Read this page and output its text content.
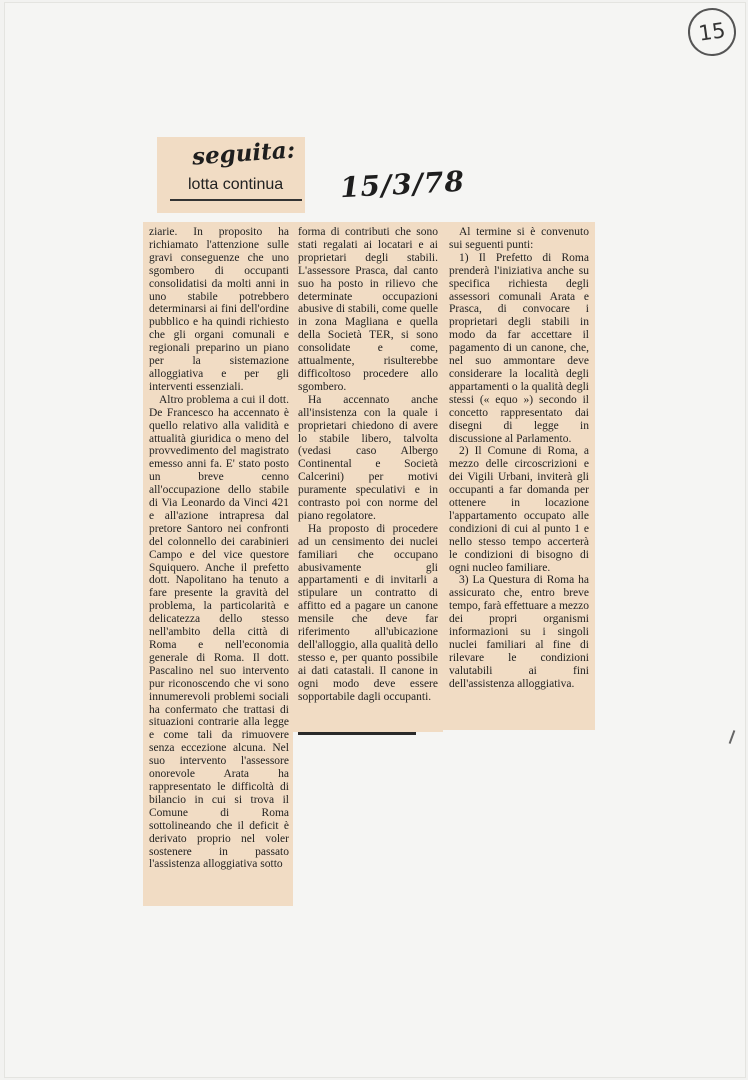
15
seguita:
lotta continua 15/3/78

ziarie. In proposito ha richiamato l'attenzione sulle gravi conseguenze che uno sgombero di occupanti consolidatisi da molti anni in uno stabile potrebbero determinarsi ai fini dell'ordine pubblico e ha quindi richiesto che gli organi comunali e regionali preparino un piano per la sistemazione alloggiativa e per gli interventi essenziali.

Altro problema a cui il dott. De Francesco ha accennato è quello relativo alla validità e attualità giuridica o meno del provvedimento del magistrato emesso anni fa. E' stato posto un breve cenno all'occupazione dello stabile di Via Leonardo da Vinci 421 e all'azione intrapresa dal pretore Santoro nei confronti del colonnello dei carabinieri Campo e del vice questore Squiquero. Anche il prefetto dott. Napolitano ha tenuto a fare presente la gravità del problema, la particolarità e delicatezza dello stesso nell'ambito della città di Roma e nell'economia generale di Roma. Il dott. Pascalino nel suo intervento pur riconoscendo che vi sono innumerevoli problemi sociali ha confermato che trattasi di situazioni contrarie alla legge e come tali da rimuovere senza eccezione alcuna. Nel suo intervento l'assessore onorevole Arata ha rappresentato le difficoltà di bilancio in cui si trova il Comune di Roma sottolineando che il deficit è derivato proprio nel voler sostenere in passato l'assistenza alloggiativa sotto

forma di contributi che sono stati regalati ai locatari e ai proprietari degli stabili. L'assessore Prasca, dal canto suo ha posto in rilievo che determinate occupazioni abusive di stabili, come quelle in zona Magliana e quella della Società TER, si sono consolidate e come, attualmente, risulterebbe difficoltoso procedere allo sgombero.

Ha accennato anche all'insistenza con la quale i proprietari chiedono di avere lo stabile libero, talvolta (vedasi caso Albergo Continental e Società Calcerini) per motivi puramente speculativi e in contrasto poi con norme del piano regolatore.

Ha proposto di procedere ad un censimento dei nuclei familiari che occupano abusivamente gli appartamenti e di invitarli a stipulare un contratto di affitto ed a pagare un canone mensile che deve far riferimento all'ubicazione dell'alloggio, alla qualità dello stesso e, per quanto possibile ai dati catastali. Il canone in ogni modo deve essere sopportabile dagli occupanti.

Al termine si è convenuto sui seguenti punti:

1) Il Prefetto di Roma prenderà l'iniziativa anche su specifica richiesta degli assessori comunali Arata e Prasca, di convocare i proprietari degli stabili in modo da far accettare il pagamento di un canone, che, nel suo ammontare deve considerare la località degli appartamenti o la qualità degli stessi (« equo ») secondo il concetto rappresentato dai disegni di legge in discussione al Parlamento.

2) Il Comune di Roma, a mezzo delle circoscrizioni e dei Vigili Urbani, inviterà gli occupanti a far domanda per ottenere in locazione l'appartamento occupato alle condizioni di cui al punto 1 e nello stesso tempo accerterà le condizioni di bisogno di ogni nucleo familiare.

3) La Questura di Roma ha assicurato che, entro breve tempo, farà effettuare a mezzo dei propri organismi informazioni su i singoli nuclei familiari al fine di rilevare le condizioni valutabili ai fini dell'assistenza alloggiativa.
